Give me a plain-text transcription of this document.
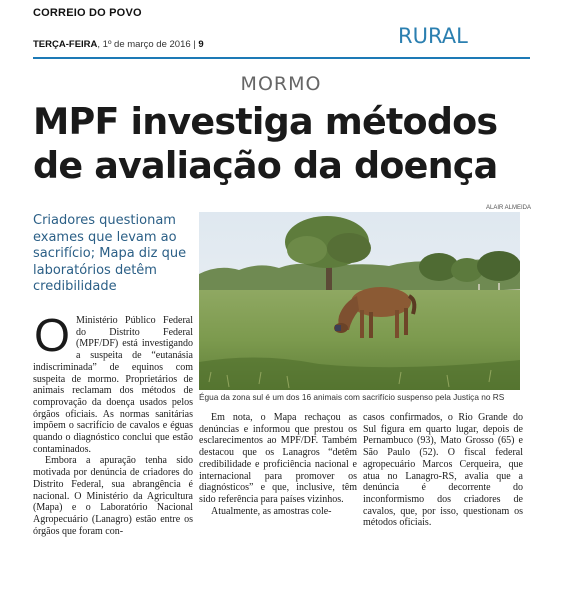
CORREIO DO POVO
TERÇA-FEIRA, 1º de março de 2016 | 9	RURAL
MORMO
MPF investiga métodos
de avaliação da doença
Criadores questionam exames que levam ao sacrifício; Mapa diz que laboratórios detêm credibilidade
ALAIR ALMEIDA
Égua da zona sul é um dos 16 animais com sacrifício suspenso pela Justiça no RS
O Ministério Público Federal do Distrito Federal (MPF/DF) está investigando a suspeita de “eutanásia indiscriminada” de equinos com suspeita de mormo. Proprietários de animais reclamam dos métodos de comprovação da doença usados pelos órgãos oficiais. As normas sanitárias impõem o sacrifício de cavalos e éguas quando o diagnóstico conclui que estão contaminados.

Embora a apuração tenha sido motivada por denúncia de criadores do Distrito Federal, sua abrangência é nacional. O Ministério da Agricultura (Mapa) e o Laboratório Nacional Agropecuário (Lanagro) estão entre os órgãos que foram con-

Em nota, o Mapa rechaçou as denúncias e informou que prestou os esclarecimentos ao MPF/DF. Também destacou que os Lanagros “detêm credibilidade e proficiência nacional e internacional para promover os diagnósticos” e que, inclusive, têm sido referência para países vizinhos.

Atualmente, as amostras cole-

casos confirmados, o Rio Grande do Sul figura em quarto lugar, depois de Pernambuco (93), Mato Grosso (65) e São Paulo (52). O fiscal federal agropecuário Marcos Cerqueira, que atua no Lanagro-RS, avalia que a denúncia é decorrente do inconformismo dos criadores de cavalos, que, por isso, questionam os métodos oficiais.
